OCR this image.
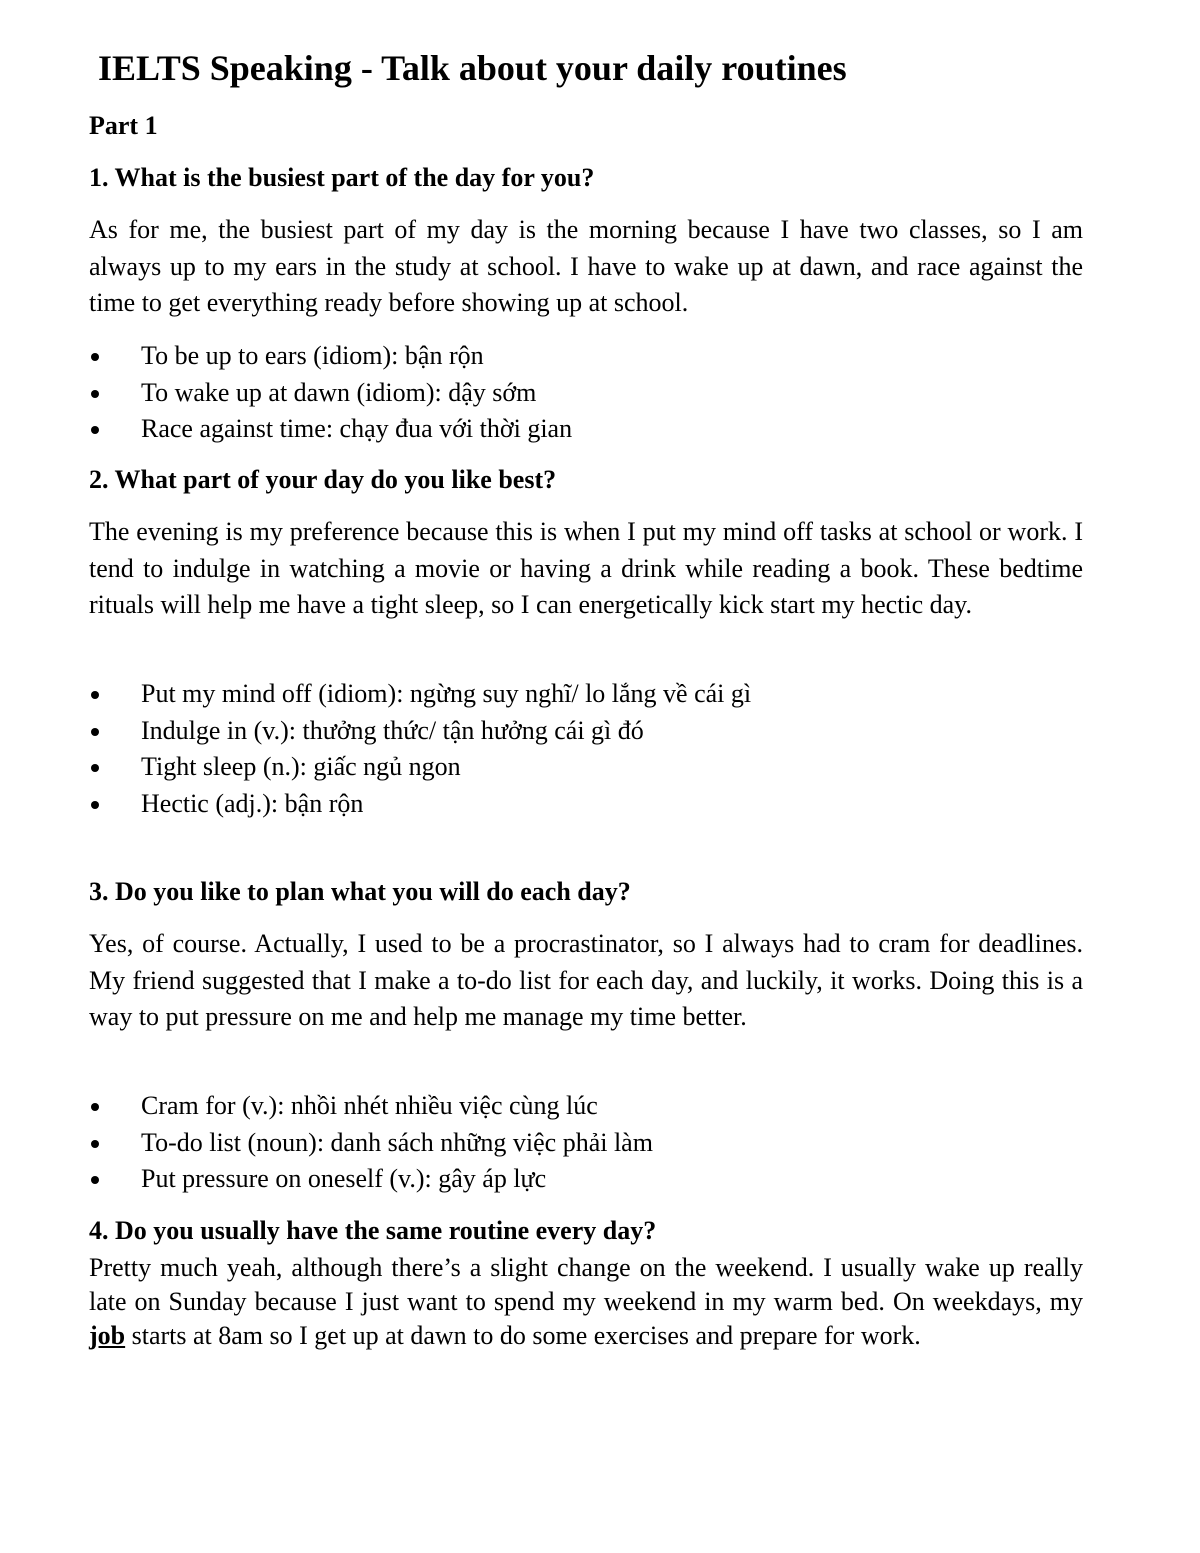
IELTS Speaking - Talk about your daily routines
Part 1
1. What is the busiest part of the day for you?

As for me, the busiest part of my day is the morning because I have two classes, so I am always up to my ears in the study at school. I have to wake up at dawn, and race against the time to get everything ready before showing up at school.

To be up to ears (idiom): bận rộn
To wake up at dawn (idiom): dậy sớm
Race against time: chạy đua với thời gian
2. What part of your day do you like best?

The evening is my preference because this is when I put my mind off tasks at school or work. I tend to indulge in watching a movie or having a drink while reading a book. These bedtime rituals will help me have a tight sleep, so I can energetically kick start my hectic day.

Put my mind off (idiom): ngừng suy nghĩ/ lo lắng về cái gì
Indulge in (v.): thưởng thức/ tận hưởng cái gì đó
Tight sleep (n.): giấc ngủ ngon
Hectic (adj.): bận rộn
3. Do you like to plan what you will do each day?

Yes, of course. Actually, I used to be a procrastinator, so I always had to cram for deadlines. My friend suggested that I make a to-do list for each day, and luckily, it works. Doing this is a way to put pressure on me and help me manage my time better.

Cram for (v.): nhồi nhét nhiều việc cùng lúc
To-do list (noun): danh sách những việc phải làm
Put pressure on oneself (v.): gây áp lực
4. Do you usually have the same routine every day?

Pretty much yeah, although there’s a slight change on the weekend. I usually wake up really late on Sunday because I just want to spend my weekend in my warm bed. On weekdays, my job starts at 8am so I get up at dawn to do some exercises and prepare for work.
